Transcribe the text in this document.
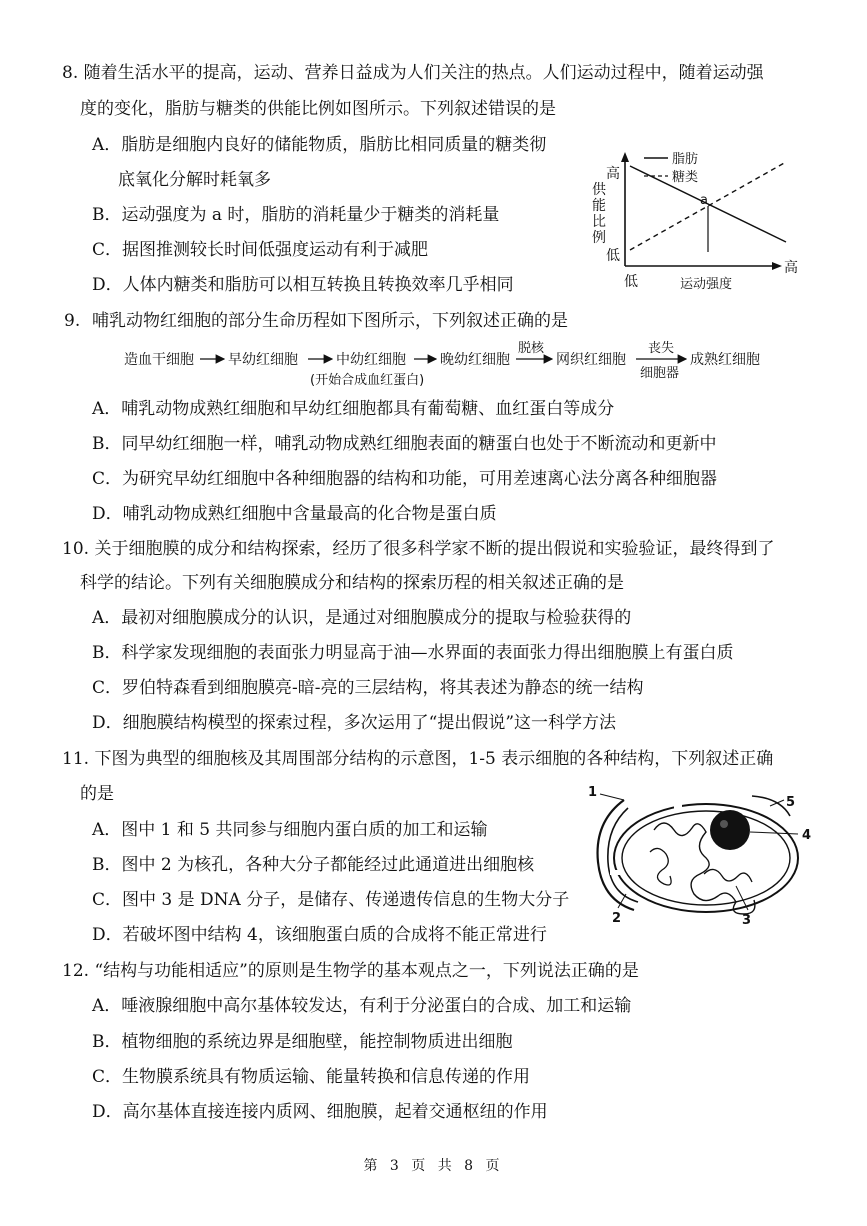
8. 随着生活水平的提高，运动、营养日益成为人们关注的热点。人们运动过程中，随着运动强
度的变化，脂肪与糖类的供能比例如图所示。下列叙述错误的是
A．脂肪是细胞内良好的储能物质，脂肪比相同质量的糖类彻
底氧化分解时耗氧多
B．运动强度为 a 时，脂肪的消耗量少于糖类的消耗量
C．据图推测较长时间低强度运动有利于减肥
D．人体内糖类和脂肪可以相互转换且转换效率几乎相同
a
脂肪
糖类
高
供
能
比
例
低
低
高
运动强度
9. 哺乳动物红细胞的部分生命历程如下图所示，下列叙述正确的是
造血干细胞 早幼红细胞	中幼红细胞
(开始合成血红蛋白)
晚幼红细胞
脱核
网织红细胞
丧失
细胞器
成熟红细胞
A．哺乳动物成熟红细胞和早幼红细胞都具有葡萄糖、血红蛋白等成分
B．同早幼红细胞一样，哺乳动物成熟红细胞表面的糖蛋白也处于不断流动和更新中
C．为研究早幼红细胞中各种细胞器的结构和功能，可用差速离心法分离各种细胞器
D．哺乳动物成熟红细胞中含量最高的化合物是蛋白质
10. 关于细胞膜的成分和结构探索，经历了很多科学家不断的提出假说和实验验证，最终得到了
科学的结论。下列有关细胞膜成分和结构的探索历程的相关叙述正确的是
A．最初对细胞膜成分的认识，是通过对细胞膜成分的提取与检验获得的
B．科学家发现细胞的表面张力明显高于油—水界面的表面张力得出细胞膜上有蛋白质
C．罗伯特森看到细胞膜亮-暗-亮的三层结构，将其表述为静态的统一结构
D．细胞膜结构模型的探索过程，多次运用了“提出假说”这一科学方法
11. 下图为典型的细胞核及其周围部分结构的示意图，1-5 表示细胞的各种结构，下列叙述正确
的是
A．图中 1 和 5 共同参与细胞内蛋白质的加工和运输
B．图中 2 为核孔，各种大分子都能经过此通道进出细胞核
C．图中 3 是 DNA 分子，是储存、传递遗传信息的生物大分子
D．若破坏图中结构 4，该细胞蛋白质的合成将不能正常进行
1
2	3
4
5
12. “结构与功能相适应”的原则是生物学的基本观点之一，下列说法正确的是
A．唾液腺细胞中高尔基体较发达，有利于分泌蛋白的合成、加工和运输
B．植物细胞的系统边界是细胞壁，能控制物质进出细胞
C．生物膜系统具有物质运输、能量转换和信息传递的作用
D．高尔基体直接连接内质网、细胞膜，起着交通枢纽的作用
第 3 页 共 8 页
